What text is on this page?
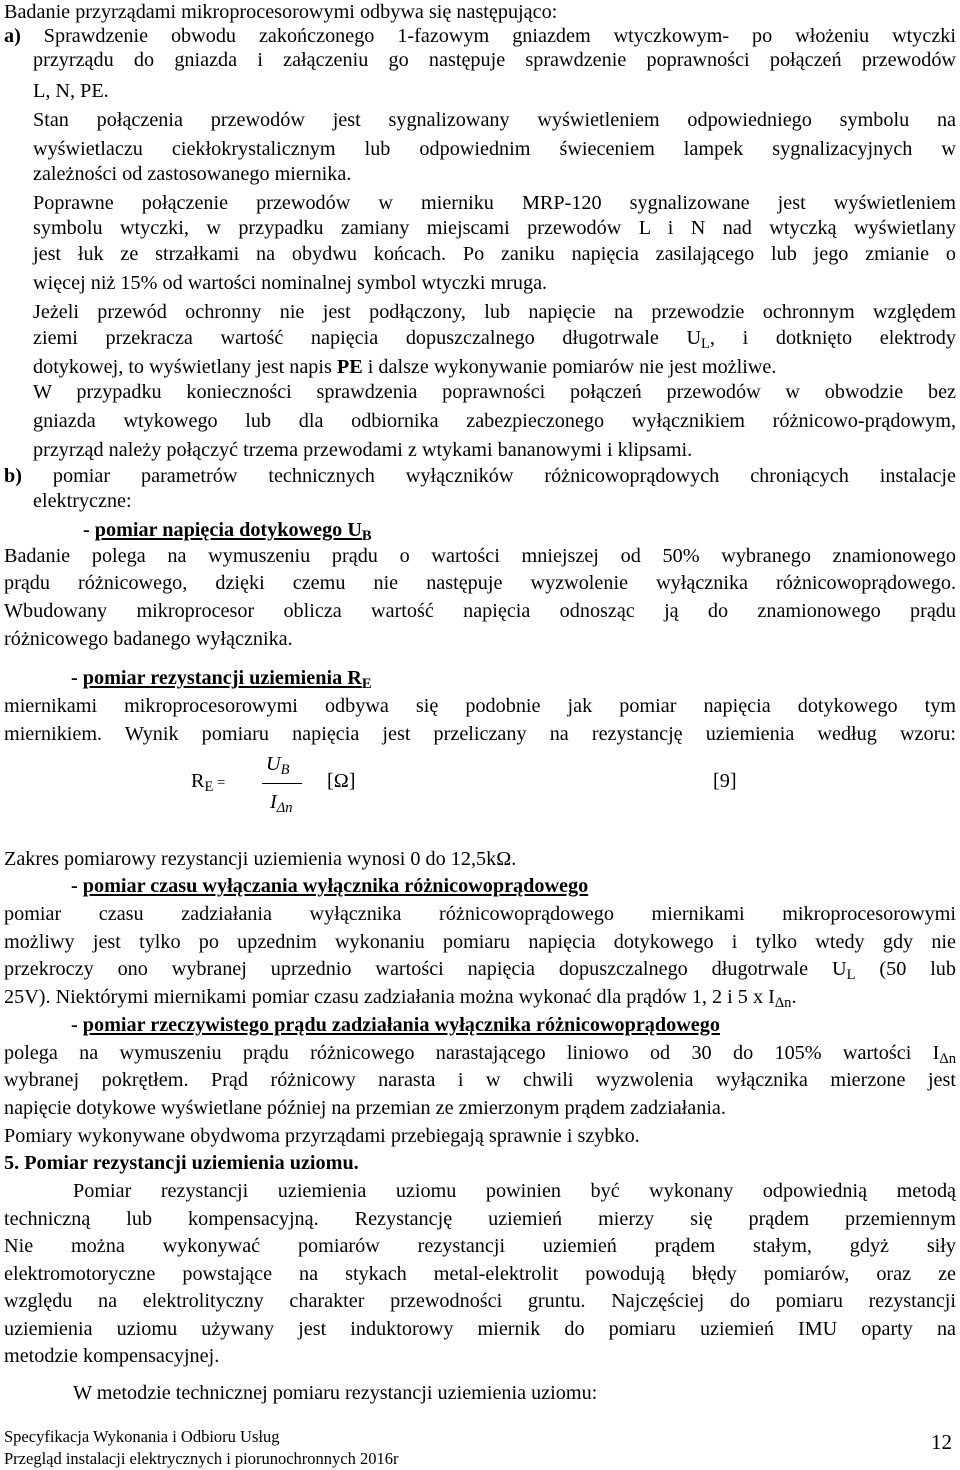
Badanie przyrządami mikroprocesorowymi odbywa się następująco:
a) Sprawdzenie obwodu zakończonego 1-fazowym gniazdem wtyczkowym- po włożeniu wtyczki
przyrządu do gniazda i załączeniu go następuje sprawdzenie poprawności połączeń przewodów
L, N, PE.
Stan połączenia przewodów jest sygnalizowany wyświetleniem odpowiedniego symbolu na
wyświetlaczu ciekłokrystalicznym lub odpowiednim świeceniem lampek sygnalizacyjnych w
zależności od zastosowanego miernika.
Poprawne połączenie przewodów w mierniku MRP-120 sygnalizowane jest wyświetleniem
symbolu wtyczki, w przypadku zamiany miejscami przewodów L i N nad wtyczką wyświetlany
jest łuk ze strzałkami na obydwu końcach. Po zaniku napięcia zasilającego lub jego zmianie o
więcej niż 15% od wartości nominalnej symbol wtyczki mruga.
Jeżeli przewód ochronny nie jest podłączony, lub napięcie na przewodzie ochronnym względem
ziemi przekracza wartość napięcia dopuszczalnego długotrwale $U_L$, i dotknięto elektrody
dotykowej, to wyświetlany jest napis PE i dalsze wykonywanie pomiarów nie jest możliwe.
W przypadku konieczności sprawdzenia poprawności połączeń przewodów w obwodzie bez
gniazda wtykowego lub dla odbiornika zabezpieczonego wyłącznikiem różnicowo-prądowym,
przyrząd należy połączyć trzema przewodami z wtykami bananowymi i klipsami.
b) pomiar parametrów technicznych wyłączników różnicowoprądowych chroniących instalacje
elektryczne:
- pomiar napięcia dotykowego $U_B$
Badanie polega na wymuszeniu prądu o wartości mniejszej od 50% wybranego znamionowego
prądu różnicowego, dzięki czemu nie następuje wyzwolenie wyłącznika różnicowoprądowego.
Wbudowany mikroprocesor oblicza wartość napięcia odnosząc ją do znamionowego prądu
różnicowego badanego wyłącznika.
- pomiar rezystancji uziemienia $R_E$
miernikami mikroprocesorowymi odbywa się podobnie jak pomiar napięcia dotykowego tym
miernikiem. Wynik pomiaru napięcia jest przeliczany na rezystancję uziemienia według wzoru:
$R_E$ =
$U_B$
$I_{\Delta n}$
[Ω]	[9]
Zakres pomiarowy rezystancji uziemienia wynosi 0 do 12,5kΩ.
- pomiar czasu wyłączania wyłącznika różnicowoprądowego
pomiar czasu zadziałania wyłącznika różnicowoprądowego miernikami mikroprocesorowymi
możliwy jest tylko po upzednim wykonaniu pomiaru napięcia dotykowego i tylko wtedy gdy nie
przekroczy ono wybranej uprzednio wartości napięcia dopuszczalnego długotrwale $U_L$ (50 lub
25V). Niektórymi miernikami pomiar czasu zadziałania można wykonać dla prądów 1, 2 i 5 x $I_{\Delta n}$.
- pomiar rzeczywistego prądu zadziałania wyłącznika różnicowoprądowego
polega na wymuszeniu prądu różnicowego narastającego liniowo od 30 do 105% wartości $I_{\Delta n}$
wybranej pokrętłem. Prąd różnicowy narasta i w chwili wyzwolenia wyłącznika mierzone jest
napięcie dotykowe wyświetlane później na przemian ze zmierzonym prądem zadziałania.
Pomiary wykonywane obydwoma przyrządami przebiegają sprawnie i szybko.
5. Pomiar rezystancji uziemienia uziomu.
Pomiar rezystancji uziemienia uziomu powinien być wykonany odpowiednią metodą
techniczną lub kompensacyjną. Rezystancję uziemień mierzy się prądem przemiennym
Nie można wykonywać pomiarów rezystancji uziemień prądem stałym, gdyż siły
elektromotoryczne powstające na stykach metal-elektrolit powodują błędy pomiarów, oraz ze
względu na elektrolityczny charakter przewodności gruntu. Najczęściej do pomiaru rezystancji
uziemienia uziomu używany jest induktorowy miernik do pomiaru uziemień IMU oparty na
metodzie kompensacyjnej.
W metodzie technicznej pomiaru rezystancji uziemienia uziomu:
Specyfikacja Wykonania i Odbioru Usług
Przegląd instalacji elektrycznych i piorunochronnych 2016r
12
